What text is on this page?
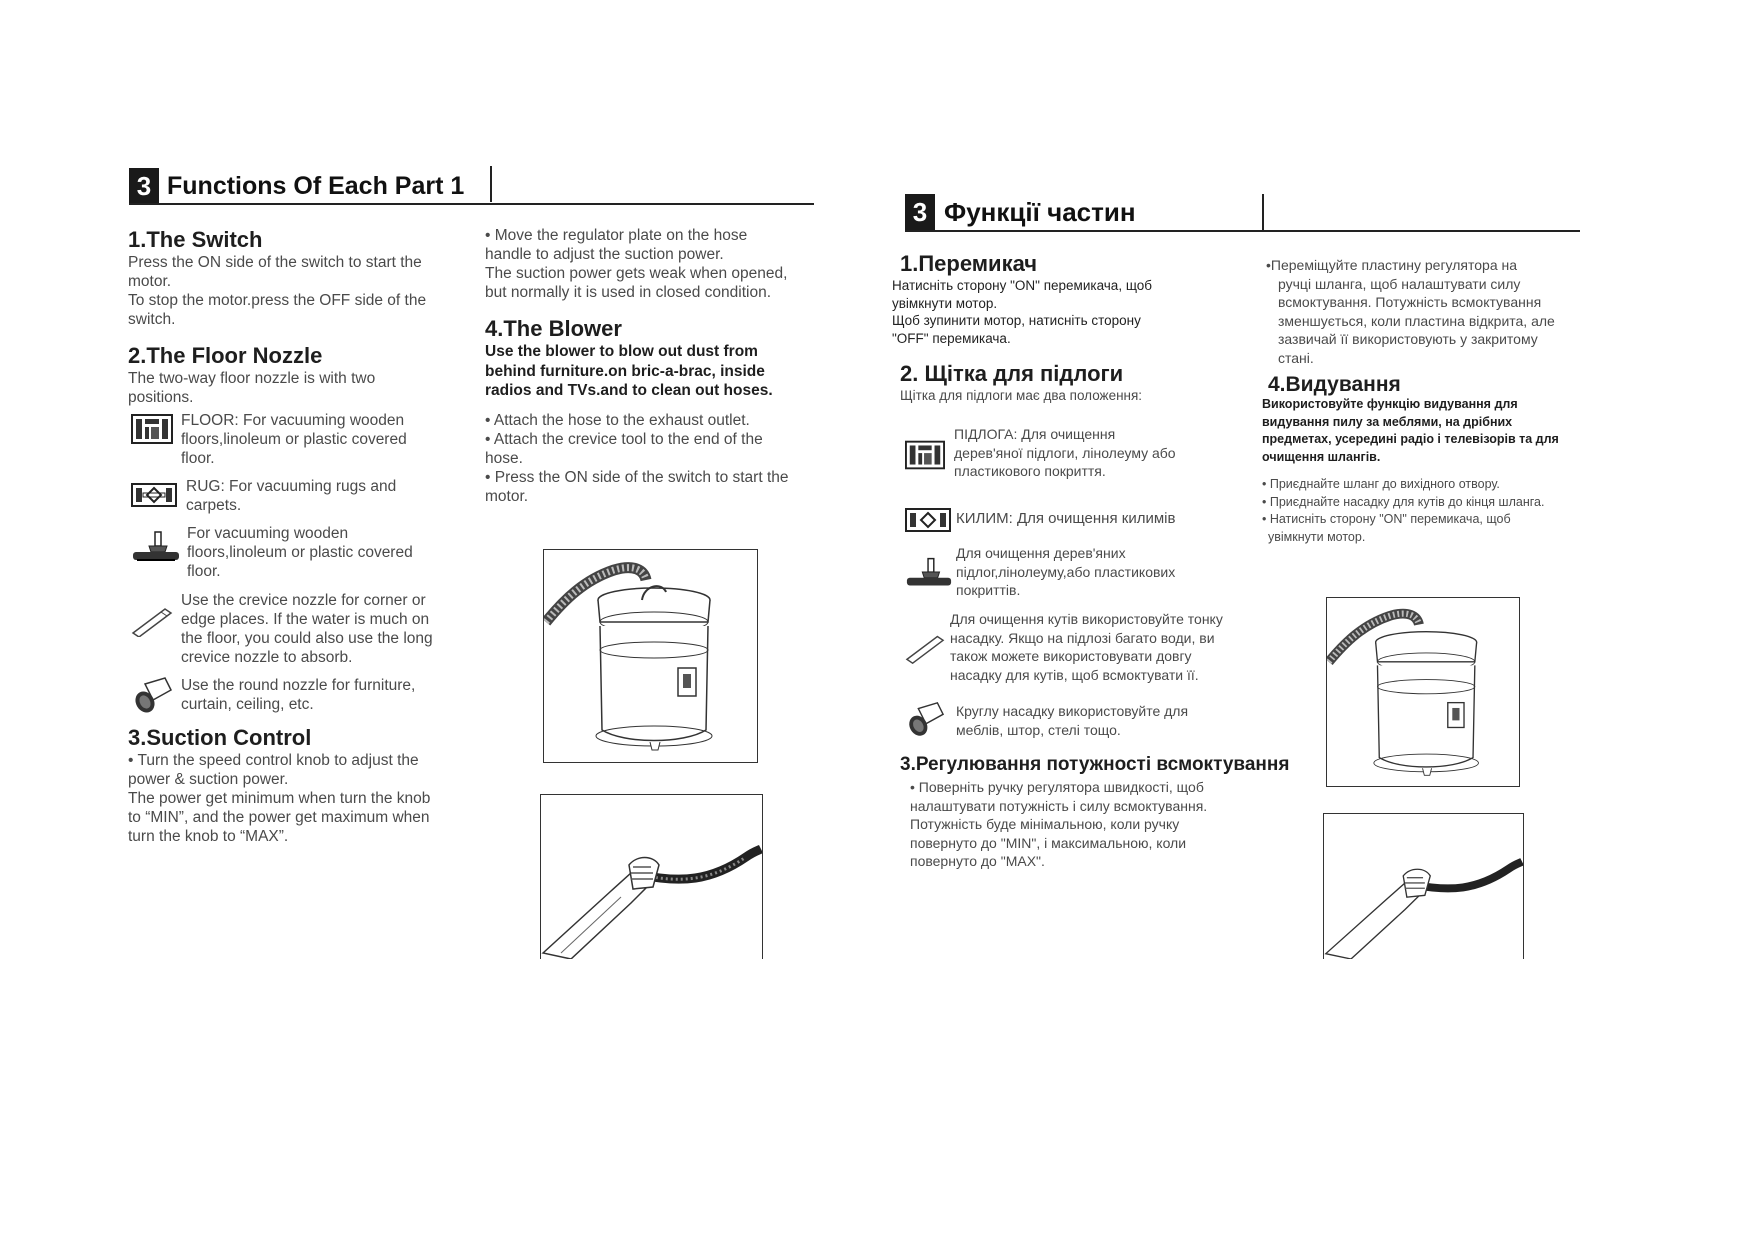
3 Functions Of Each Part 1

1.The Switch

Press the ON side of the switch to start the

motor.

To stop the motor.press the OFF side of the

switch.

2.The Floor Nozzle

The two-way floor nozzle is with two

positions.

FLOOR: For vacuuming wooden

floors,linoleum or plastic covered

floor.

RUG: For vacuuming rugs and

carpets.

For vacuuming wooden

floors,linoleum or plastic covered

floor.

Use the crevice nozzle for corner or

edge places. If the water is much on

the floor, you could also use the long

crevice nozzle to absorb.

Use the round nozzle for furniture,

curtain, ceiling, etc.

3.Suction Control

• Turn the speed control knob to adjust the

power & suction power.

The power get minimum when turn the knob

to “MIN”, and the power get maximum when

turn the knob to “MAX”.

• Move the regulator plate on the hose

handle to adjust the suction power.

The suction power gets weak when opened,

but normally it is used in closed condition.

4.The Blower

Use the blower to blow out dust from

behind furniture.on bric-a-brac, inside

radios and TVs.and to clean out hoses.

• Attach the hose to the exhaust outlet.

• Attach the crevice tool to the end of the

hose.

• Press the ON side of the switch to start the

motor.

3 Функції частин

1.Перемикач

Натисніть сторону "ON" перемикача, щоб

увімкнути мотор.

Щоб зупинити мотор, натисніть сторону

"OFF" перемикача.

2. Щітка для підлоги

Щітка для підлоги має два положення:

ПІДЛОГА: Для очищення

дерев'яної підлоги, лінолеуму або

пластикового покриття.

КИЛИМ: Для очищення килимів

Для очищення дерев'яних

підлог,лінолеуму,або пластикових

покриттів.

Для очищення кутів використовуйте тонку

насадку. Якщо на підлозі багато води, ви

також можете використовувати довгу

насадку для кутів, щоб всмоктувати її.

Круглу насадку використовуйте для

меблів, штор, стелі тощо.

3.Регулювання потужності всмоктування

• Поверніть ручку регулятора швидкості, щоб

налаштувати потужність і силу всмоктування.

Потужність буде мінімальною, коли ручку

повернуто до "MIN", і максимальною, коли

повернуто до "MAX".

•Переміщуйте пластину регулятора на

ручці шланга, щоб налаштувати силу

всмоктування. Потужність всмоктування

зменшується, коли пластина відкрита, але

зазвичай її використовують у закритому

стані.

4.Видування

Використовуйте функцію видування для

видування пилу за меблями, на дрібних

предметах, усередині радіо і телевізорів та для

очищення шлангів.

• Приєднайте шланг до вихідного отвору.

• Приєднайте насадку для кутів до кінця шланга.

• Натисніть сторону "ON" перемикача, щоб

увімкнути мотор.
